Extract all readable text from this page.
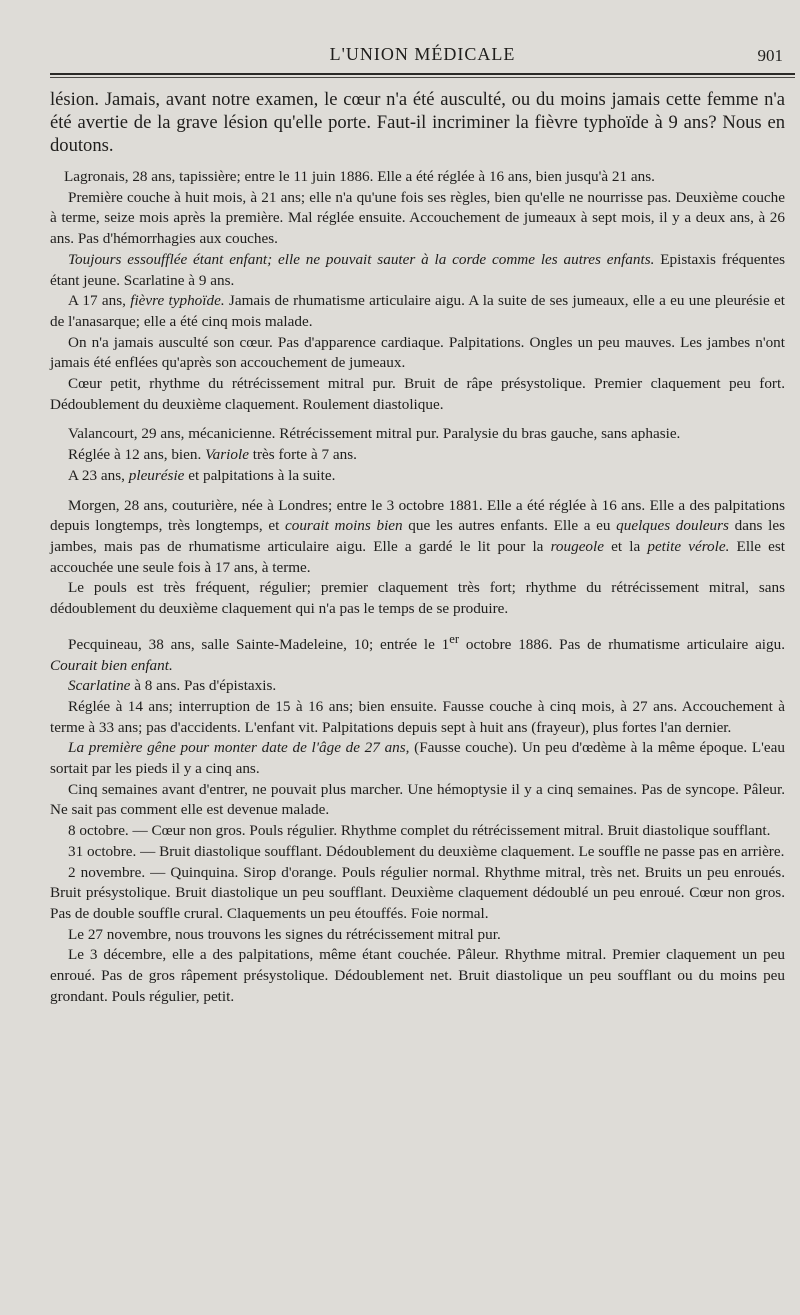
L'UNION MÉDICALE	901

lésion. Jamais, avant notre examen, le cœur n'a été ausculté, ou du moins jamais cette femme n'a été avertie de la grave lésion qu'elle porte. Faut-il incriminer la fièvre typhoïde à 9 ans? Nous en doutons.

Lagronais, 28 ans, tapissière; entre le 11 juin 1886. Elle a été réglée à 16 ans, bien jusqu'à 21 ans.

Première couche à huit mois, à 21 ans; elle n'a qu'une fois ses règles, bien qu'elle ne nourrisse pas. Deuxième couche à terme, seize mois après la première. Mal réglée ensuite. Accouchement de jumeaux à sept mois, il y a deux ans, à 26 ans. Pas d'hémorrhagies aux couches.

Toujours essoufflée étant enfant; elle ne pouvait sauter à la corde comme les autres enfants. Epistaxis fréquentes étant jeune. Scarlatine à 9 ans.

A 17 ans, fièvre typhoïde. Jamais de rhumatisme articulaire aigu. A la suite de ses jumeaux, elle a eu une pleurésie et de l'anasarque; elle a été cinq mois malade.

On n'a jamais ausculté son cœur. Pas d'apparence cardiaque. Palpitations. Ongles un peu mauves. Les jambes n'ont jamais été enflées qu'après son accouchement de jumeaux.

Cœur petit, rhythme du rétrécissement mitral pur. Bruit de râpe présystolique. Premier claquement peu fort. Dédoublement du deuxième claquement. Roulement diastolique.

Valancourt, 29 ans, mécanicienne. Rétrécissement mitral pur. Paralysie du bras gauche, sans aphasie.

Réglée à 12 ans, bien. Variole très forte à 7 ans.

A 23 ans, pleurésie et palpitations à la suite.

Morgen, 28 ans, couturière, née à Londres; entre le 3 octobre 1881. Elle a été réglée à 16 ans. Elle a des palpitations depuis longtemps, très longtemps, et courait moins bien que les autres enfants. Elle a eu quelques douleurs dans les jambes, mais pas de rhumatisme articulaire aigu. Elle a gardé le lit pour la rougeole et la petite vérole. Elle est accouchée une seule fois à 17 ans, à terme.

Le pouls est très fréquent, régulier; premier claquement très fort; rhythme du rétrécissement mitral, sans dédoublement du deuxième claquement qui n'a pas le temps de se produire.

Pecquineau, 38 ans, salle Sainte-Madeleine, 10; entrée le 1er octobre 1886. Pas de rhumatisme articulaire aigu. Courait bien enfant.

Scarlatine à 8 ans. Pas d'épistaxis.

Réglée à 14 ans; interruption de 15 à 16 ans; bien ensuite. Fausse couche à cinq mois, à 27 ans. Accouchement à terme à 33 ans; pas d'accidents. L'enfant vit. Palpitations depuis sept à huit ans (frayeur), plus fortes l'an dernier.

La première gêne pour monter date de l'âge de 27 ans, (Fausse couche). Un peu d'œdème à la même époque. L'eau sortait par les pieds il y a cinq ans.

Cinq semaines avant d'entrer, ne pouvait plus marcher. Une hémoptysie il y a cinq semaines. Pas de syncope. Pâleur. Ne sait pas comment elle est devenue malade.

8 octobre. — Cœur non gros. Pouls régulier. Rhythme complet du rétrécissement mitral. Bruit diastolique soufflant.

31 octobre. — Bruit diastolique soufflant. Dédoublement du deuxième claquement. Le souffle ne passe pas en arrière.

2 novembre. — Quinquina. Sirop d'orange. Pouls régulier normal. Rhythme mitral, très net. Bruits un peu enroués. Bruit présystolique. Bruit diastolique un peu soufflant. Deuxième claquement dédoublé un peu enroué. Cœur non gros. Pas de double souffle crural. Claquements un peu étouffés. Foie normal.

Le 27 novembre, nous trouvons les signes du rétrécissement mitral pur.

Le 3 décembre, elle a des palpitations, même étant couchée. Pâleur. Rhythme mitral. Premier claquement un peu enroué. Pas de gros râpement présystolique. Dédoublement net. Bruit diastolique un peu soufflant ou du moins peu grondant. Pouls régulier, petit.
